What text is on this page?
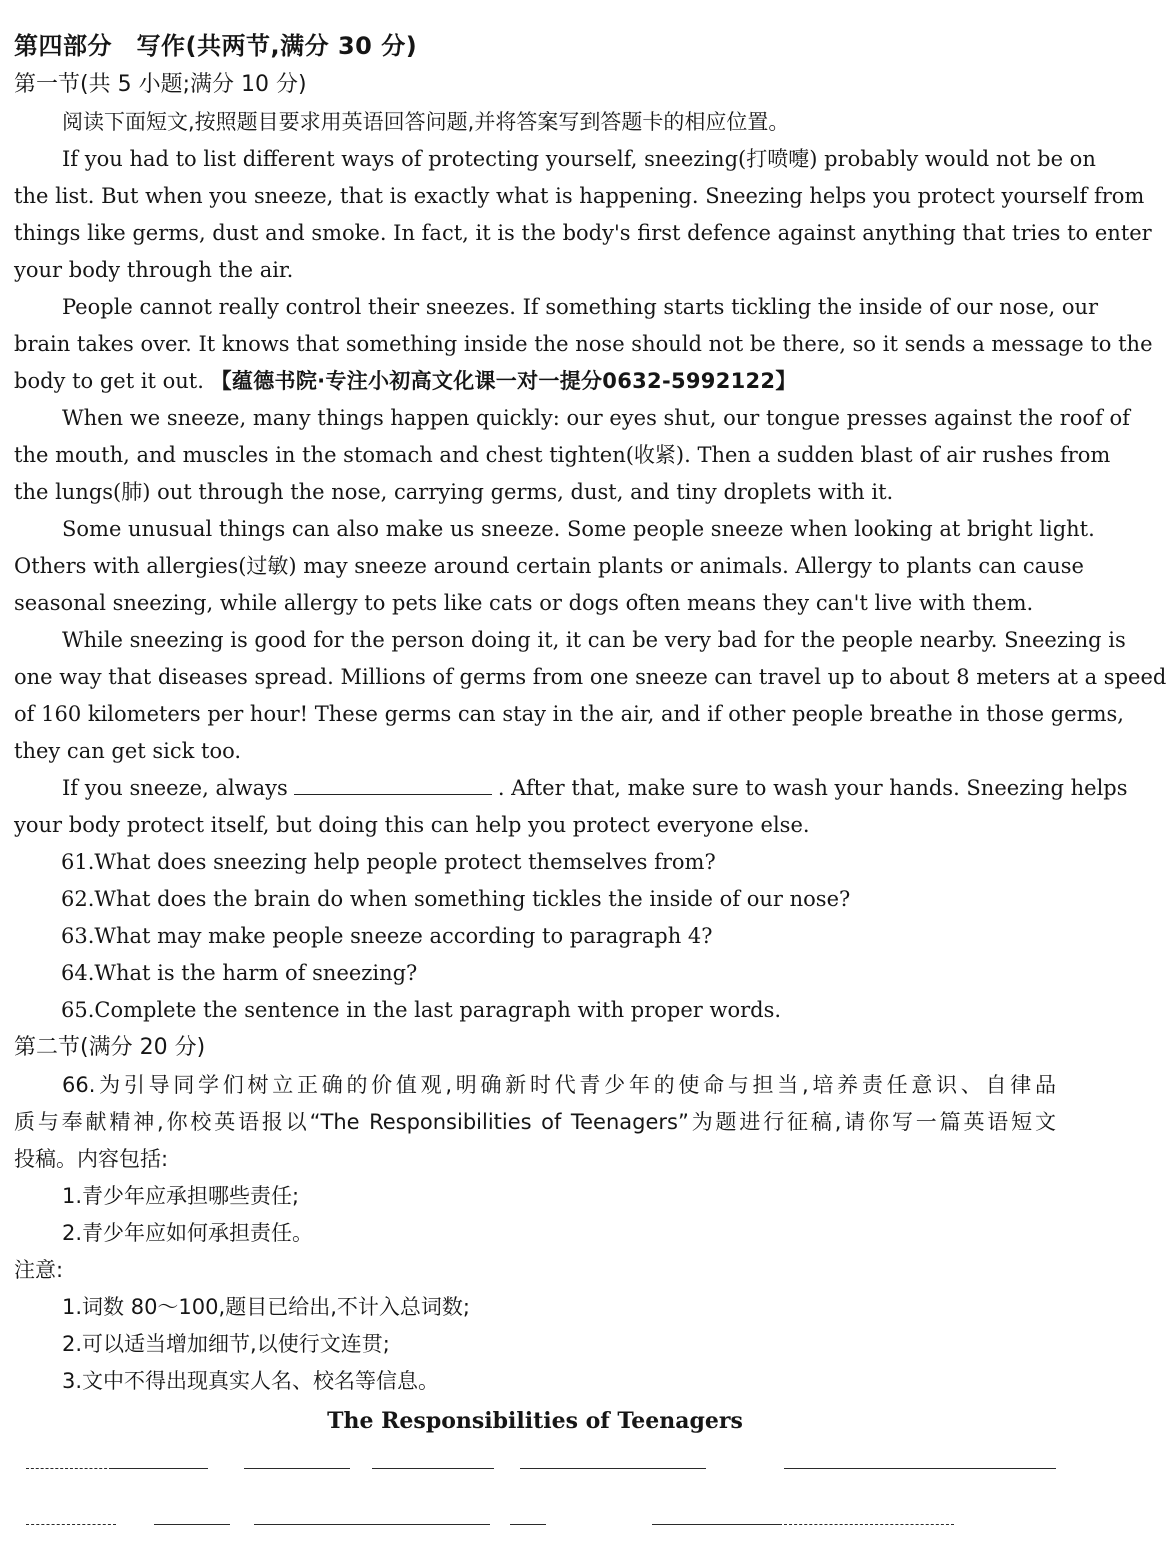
第四部分　写作(共两节,满分 30 分)
第一节(共 5 小题;满分 10 分)
阅读下面短文,按照题目要求用英语回答问题,并将答案写到答题卡的相应位置。
If you had to list different ways of protecting yourself, sneezing(打喷嚏) probably would not be on
the list. But when you sneeze, that is exactly what is happening. Sneezing helps you protect yourself from
things like germs, dust and smoke. In fact, it is the body's first defence against anything that tries to enter
your body through the air.
People cannot really control their sneezes. If something starts tickling the inside of our nose, our
brain takes over. It knows that something inside the nose should not be there, so it sends a message to the
body to get it out. 【蕴德书院·专注小初高文化课一对一提分0632-5992122】
When we sneeze, many things happen quickly: our eyes shut, our tongue presses against the roof of
the mouth, and muscles in the stomach and chest tighten(收紧). Then a sudden blast of air rushes from
the lungs(肺) out through the nose, carrying germs, dust, and tiny droplets with it.
Some unusual things can also make us sneeze. Some people sneeze when looking at bright light.
Others with allergies(过敏) may sneeze around certain plants or animals. Allergy to plants can cause
seasonal sneezing, while allergy to pets like cats or dogs often means they can't live with them.
While sneezing is good for the person doing it, it can be very bad for the people nearby. Sneezing is
one way that diseases spread. Millions of germs from one sneeze can travel up to about 8 meters at a speed
of 160 kilometers per hour! These germs can stay in the air, and if other people breathe in those germs,
they can get sick too.
If you sneeze, always	. After that, make sure to wash your hands. Sneezing helps
your body protect itself, but doing this can help you protect everyone else.
61.What does sneezing help people protect themselves from?
62.What does the brain do when something tickles the inside of our nose?
63.What may make people sneeze according to paragraph 4?
64.What is the harm of sneezing?
65.Complete the sentence in the last paragraph with proper words.
第二节(满分 20 分)
66.为引导同学们树立正确的价值观,明确新时代青少年的使命与担当,培养责任意识、自律品
质与奉献精神,你校英语报以“The Responsibilities of Teenagers”为题进行征稿,请你写一篇英语短文
投稿。内容包括:
1.青少年应承担哪些责任;
2.青少年应如何承担责任。
注意:
1.词数 80～100,题目已给出,不计入总词数;
2.可以适当增加细节,以使行文连贯;
3.文中不得出现真实人名、校名等信息。
The Responsibilities of Teenagers
